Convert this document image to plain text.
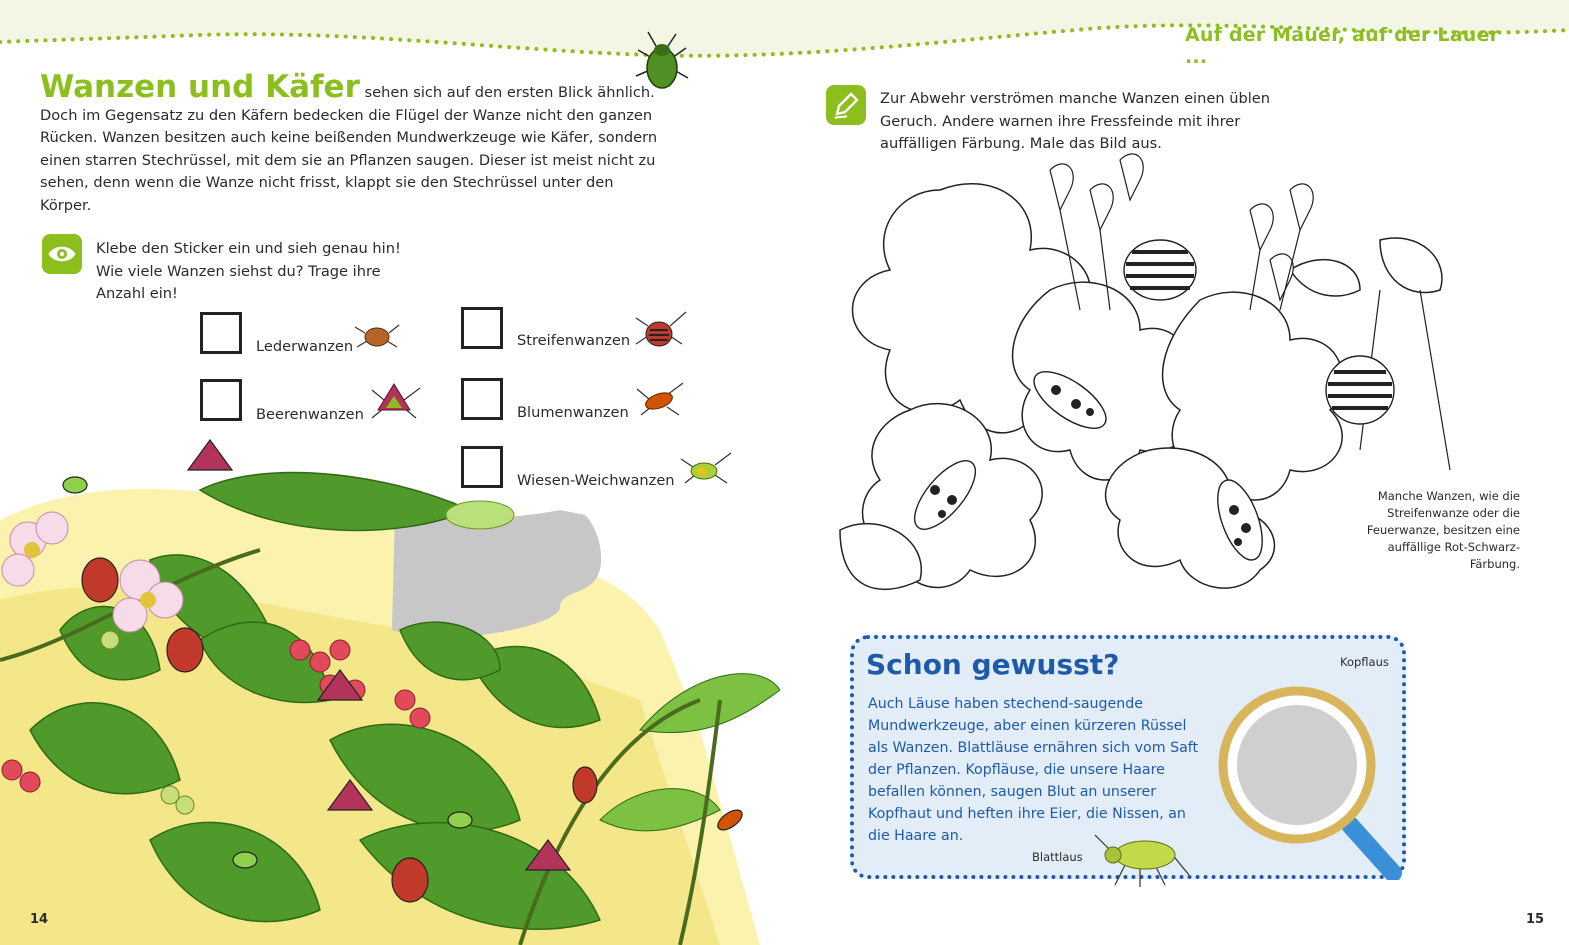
Auf der Mauer, auf der Lauer ...
Wanzen und Käfer sehen sich auf den ersten Blick ähnlich. Doch im Gegensatz zu den Käfern bedecken die Flügel der Wanze nicht den ganzen Rücken. Wanzen besitzen auch keine beißenden Mundwerkzeuge wie Käfer, sondern einen starren Stechrüssel, mit dem sie an Pflanzen saugen. Dieser ist meist nicht zu sehen, denn wenn die Wanze nicht frisst, klappt sie den Stechrüssel unter den Körper.
Klebe den Sticker ein und sieh genau hin! Wie viele Wanzen siehst du? Trage ihre Anzahl ein!
Lederwanzen
Beerenwanzen
Streifenwanzen
Blumenwanzen
Wiesen-Weichwanzen
14
Zur Abwehr verströmen manche Wanzen einen üblen Geruch. Andere warnen ihre Fressfeinde mit ihrer auffälligen Färbung. Male das Bild aus.
Manche Wanzen, wie die Streifenwanze oder die Feuerwanze, besitzen eine auffällige Rot-Schwarz-Färbung.
Schon gewusst?
Auch Läuse haben stechend-saugende Mundwerkzeuge, aber einen kürzeren Rüssel als Wanzen. Blattläuse ernähren sich vom Saft der Pflanzen. Kopfläuse, die unsere Haare befallen können, saugen Blut an unserer Kopfhaut und heften ihre Eier, die Nissen, an die Haare an.
Kopflaus
Blattlaus
15
